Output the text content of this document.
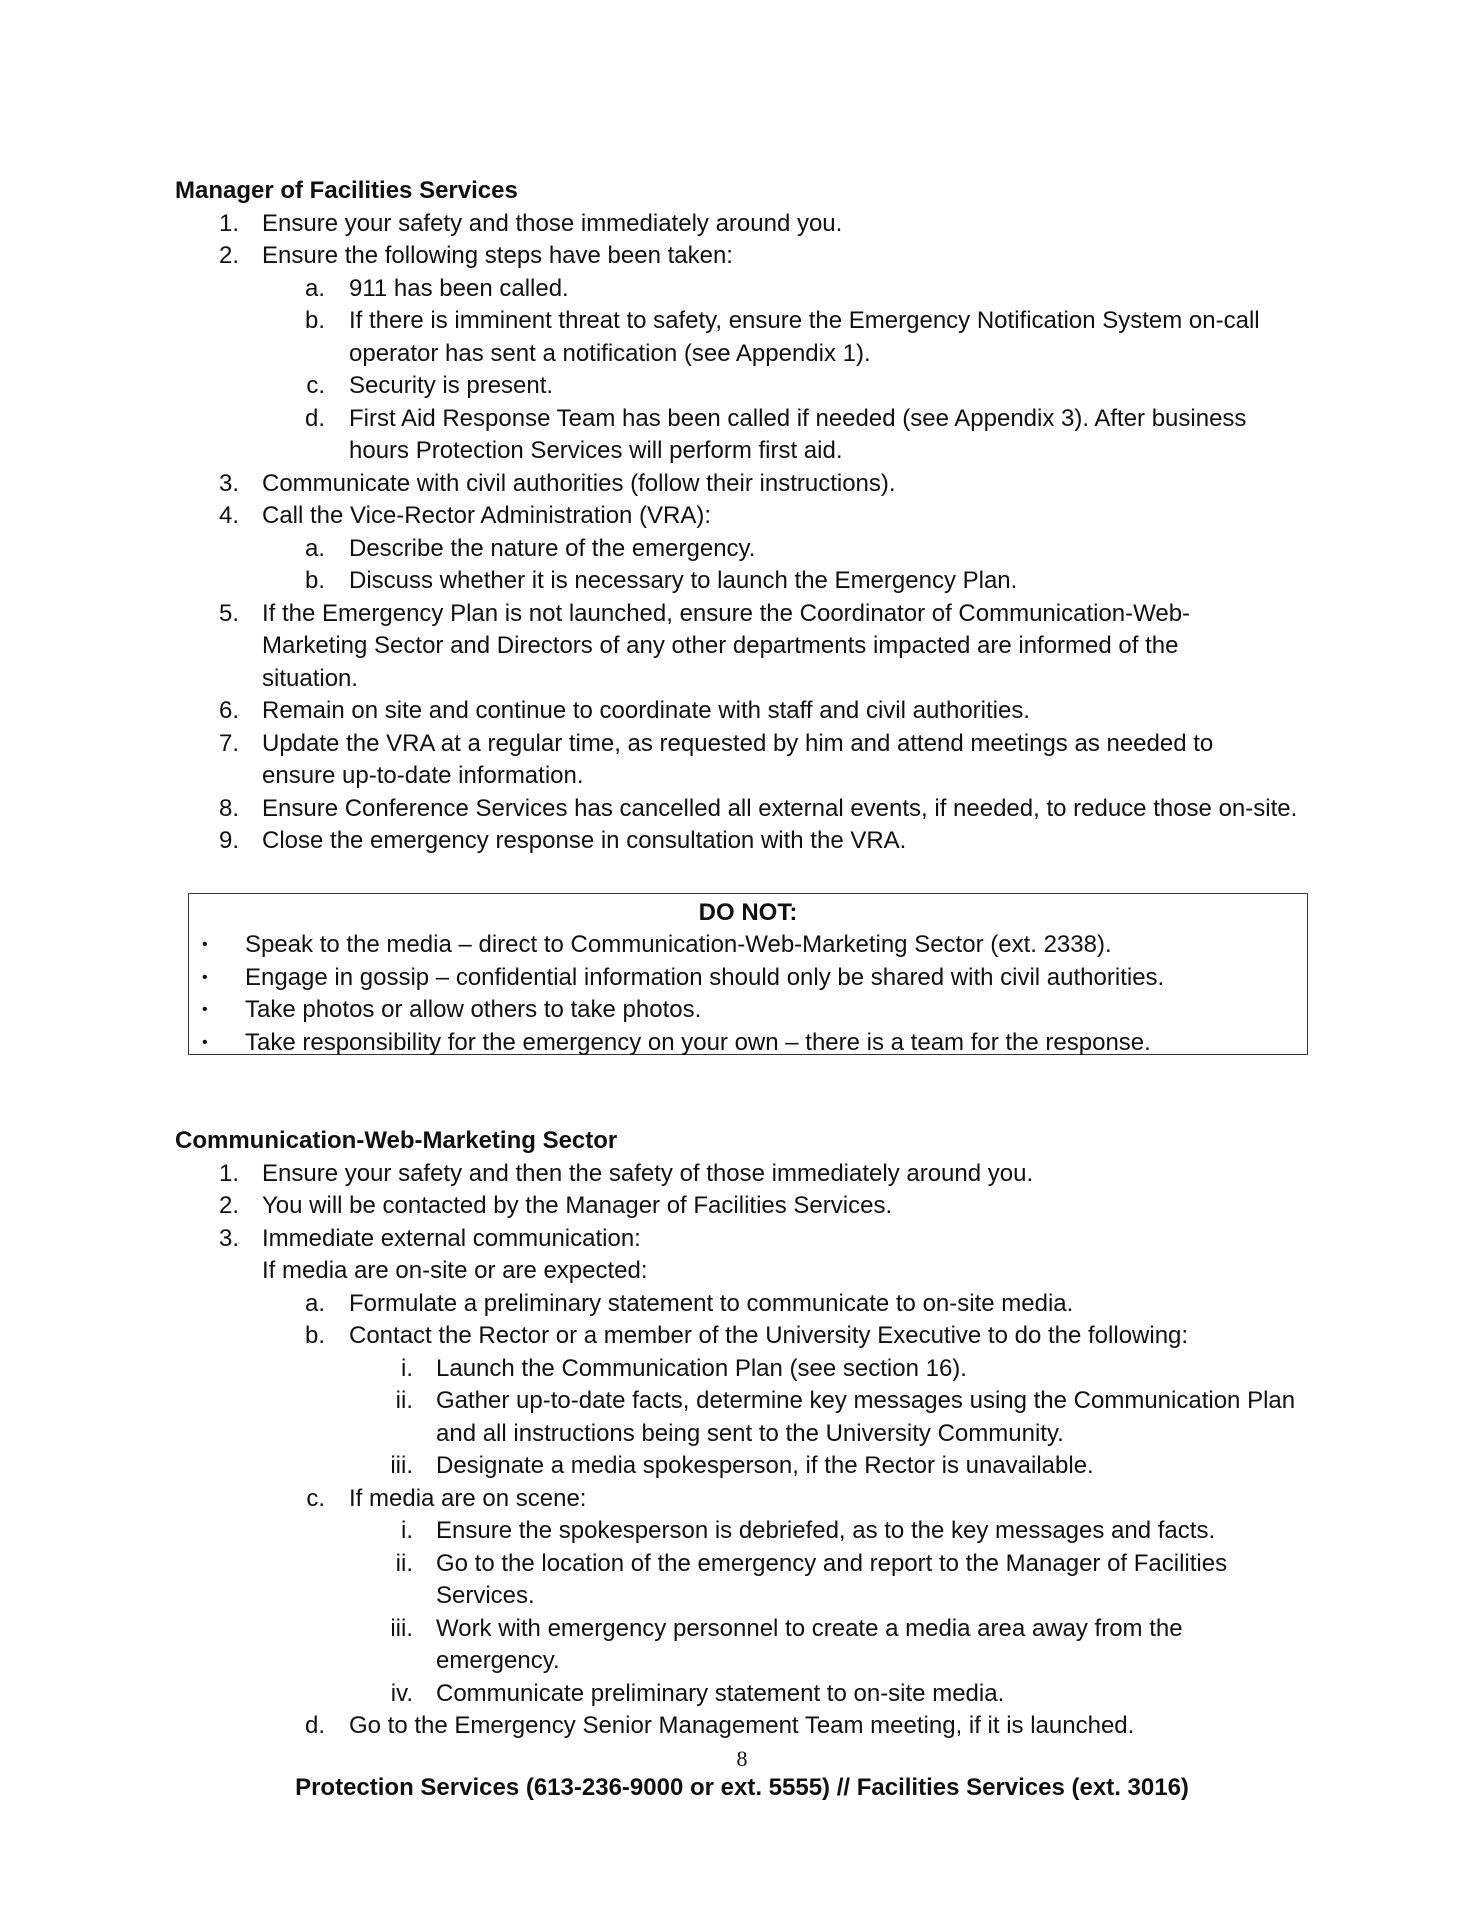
Manager of Facilities Services
1. Ensure your safety and those immediately around you.
2. Ensure the following steps have been taken:
a. 911 has been called.
b. If there is imminent threat to safety, ensure the Emergency Notification System on-call
operator has sent a notification (see Appendix 1).
c. Security is present.
d. First Aid Response Team has been called if needed (see Appendix 3). After business
hours Protection Services will perform first aid.
3. Communicate with civil authorities (follow their instructions).
4. Call the Vice-Rector Administration (VRA):
a. Describe the nature of the emergency.
b. Discuss whether it is necessary to launch the Emergency Plan.
5. If the Emergency Plan is not launched, ensure the Coordinator of Communication-Web-
Marketing Sector and Directors of any other departments impacted are informed of the
situation.
6. Remain on site and continue to coordinate with staff and civil authorities.
7. Update the VRA at a regular time, as requested by him and attend meetings as needed to
ensure up-to-date information.
8. Ensure Conference Services has cancelled all external events, if needed, to reduce those on-site.
9. Close the emergency response in consultation with the VRA.
DO NOT:
• Speak to the media – direct to Communication-Web-Marketing Sector (ext. 2338).
• Engage in gossip – confidential information should only be shared with civil authorities.
• Take photos or allow others to take photos.
• Take responsibility for the emergency on your own – there is a team for the response.
Communication-Web-Marketing Sector
1. Ensure your safety and then the safety of those immediately around you.
2. You will be contacted by the Manager of Facilities Services.
3. Immediate external communication:
If media are on-site or are expected:
a. Formulate a preliminary statement to communicate to on-site media.
b. Contact the Rector or a member of the University Executive to do the following:
i. Launch the Communication Plan (see section 16).
ii. Gather up-to-date facts, determine key messages using the Communication Plan
and all instructions being sent to the University Community.
iii. Designate a media spokesperson, if the Rector is unavailable.
c. If media are on scene:
i. Ensure the spokesperson is debriefed, as to the key messages and facts.
ii. Go to the location of the emergency and report to the Manager of Facilities
Services.
iii. Work with emergency personnel to create a media area away from the
emergency.
iv. Communicate preliminary statement to on-site media.
d. Go to the Emergency Senior Management Team meeting, if it is launched.
8
Protection Services (613-236-9000 or ext. 5555) // Facilities Services (ext. 3016)
